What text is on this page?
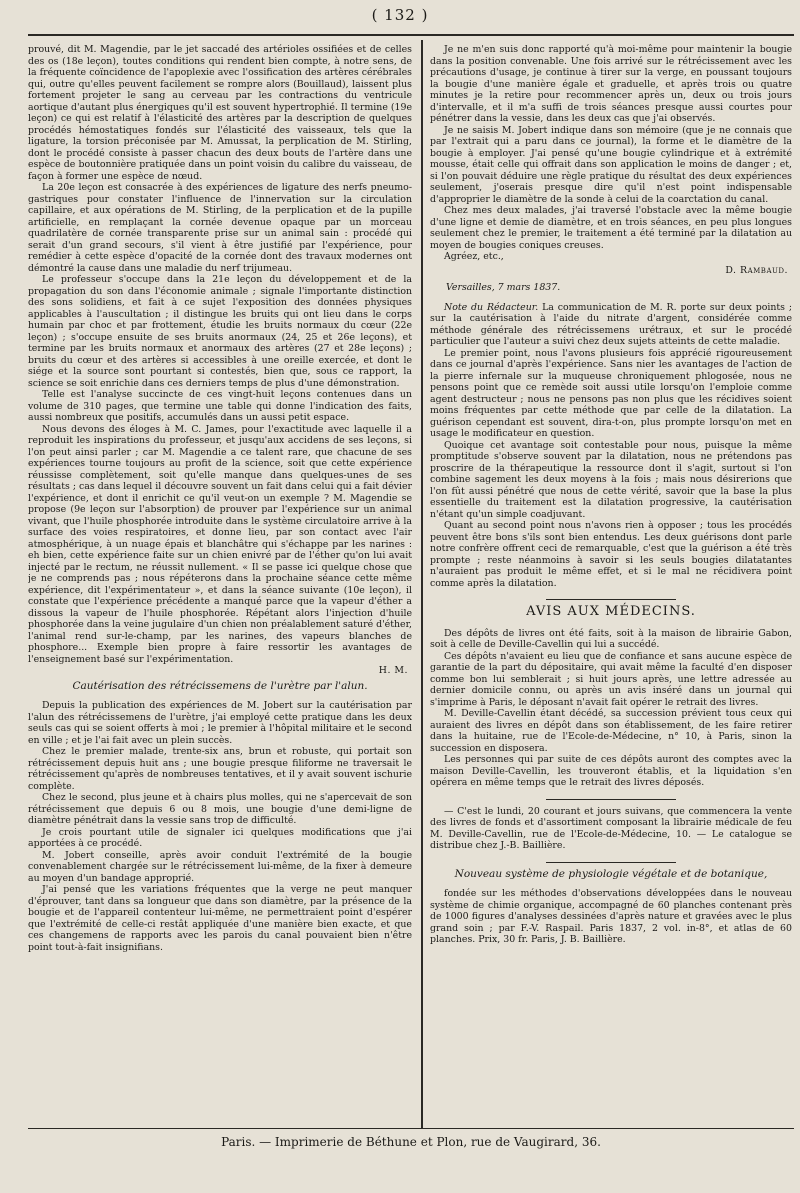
( 132 )

prouvé, dit M. Magendie, par le jet saccadé des artérioles ossifiées et de celles des os (18e leçon), toutes conditions qui rendent bien compte, à notre sens, de la fréquente coïncidence de l'apoplexie avec l'ossification des artères cérébrales qui, outre qu'elles peuvent facilement se rompre alors (Bouillaud), laissent plus fortement projeter le sang au cerveau par les contractions du ventricule aortique d'autant plus énergiques qu'il est souvent hypertrophié. Il termine (19e leçon) ce qui est relatif à l'élasticité des artères par la description de quelques procédés hémostatiques fondés sur l'élasticité des vaisseaux, tels que la ligature, la torsion préconisée par M. Amussat, la perplication de M. Stirling, dont le procédé consiste à passer chacun des deux bouts de l'artère dans une espèce de boutonnière pratiquée dans un point voisin du calibre du vaisseau, de façon à former une espèce de nœud.

La 20e leçon est consacrée à des expériences de ligature des nerfs pneumo-gastriques pour constater l'influence de l'innervation sur la circulation capillaire, et aux opérations de M. Stirling, de la perplication et de la pupille artificielle, en remplaçant la cornée devenue opaque par un morceau quadrilatère de cornée transparente prise sur un animal sain : procédé qui serait d'un grand secours, s'il vient à être justifié par l'expérience, pour remédier à cette espèce d'opacité de la cornée dont des travaux modernes ont démontré la cause dans une maladie du nerf trijumeau.

Le professeur s'occupe dans la 21e leçon du développement et de la propagation du son dans l'économie animale ; signale l'importante distinction des sons solidiens, et fait à ce sujet l'exposition des données physiques applicables à l'auscultation ; il distingue les bruits qui ont lieu dans le corps humain par choc et par frottement, étudie les bruits normaux du cœur (22e leçon) ; s'occupe ensuite de ses bruits anormaux (24, 25 et 26e leçons), et termine par les bruits normaux et anormaux des artères (27 et 28e leçons) ; bruits du cœur et des artères si accessibles à une oreille exercée, et dont le siége et la source sont pourtant si contestés, bien que, sous ce rapport, la science se soit enrichie dans ces derniers temps de plus d'une démonstration.

Telle est l'analyse succincte de ces vingt-huit leçons contenues dans un volume de 310 pages, que termine une table qui donne l'indication des faits, aussi nombreux que positifs, accumulés dans un aussi petit espace.

Nous devons des éloges à M. C. James, pour l'exactitude avec laquelle il a reproduit les inspirations du professeur, et jusqu'aux accidens de ses leçons, si l'on peut ainsi parler ; car M. Magendie a ce talent rare, que chacune de ses expériences tourne toujours au profit de la science, soit que cette expérience réussisse complètement, soit qu'elle manque dans quelques-unes de ses résultats ; cas dans lequel il découvre souvent un fait dans celui qui a fait dévier l'expérience, et dont il enrichit ce qu'il veut-on un exemple ? M. Magendie se propose (9e leçon sur l'absorption) de prouver par l'expérience sur un animal vivant, que l'huile phosphorée introduite dans le système circulatoire arrive à la surface des voies respiratoires, et donne lieu, par son contact avec l'air atmosphérique, à un nuage épais et blanchâtre qui s'échappe par les narines : eh bien, cette expérience faite sur un chien enivré par de l'éther qu'on lui avait injecté par le rectum, ne réussit nullement. « Il se passe ici quelque chose que je ne comprends pas ; nous répéterons dans la prochaine séance cette même expérience, dit l'expérimentateur », et dans la séance suivante (10e leçon), il constate que l'expérience précédente a manqué parce que la vapeur d'éther a dissous la vapeur de l'huile phosphorée. Répétant alors l'injection d'huile phosphorée dans la veine jugulaire d'un chien non préalablement saturé d'éther, l'animal rend sur-le-champ, par les narines, des vapeurs blanches de phosphore... Exemple bien propre à faire ressortir les avantages de l'enseignement basé sur l'expérimentation.

H. M.
Cautérisation des rétrécissemens de l'urètre par l'alun.

Depuis la publication des expériences de M. Jobert sur la cautérisation par l'alun des rétrécissemens de l'urètre, j'ai employé cette pratique dans les deux seuls cas qui se soient offerts à moi ; le premier à l'hôpital militaire et le second en ville ; et je l'ai fait avec un plein succès.

Chez le premier malade, trente-six ans, brun et robuste, qui portait son rétrécissement depuis huit ans ; une bougie presque filiforme ne traversait le rétrécissement qu'après de nombreuses tentatives, et il y avait souvent ischurie complète.

Chez le second, plus jeune et à chairs plus molles, qui ne s'apercevait de son rétrécissement que depuis 6 ou 8 mois, une bougie d'une demi-ligne de diamètre pénétrait dans la vessie sans trop de difficulté.

Je crois pourtant utile de signaler ici quelques modifications que j'ai apportées à ce procédé.

M. Jobert conseille, après avoir conduit l'extrémité de la bougie convenablement chargée sur le rétrécissement lui-même, de la fixer à demeure au moyen d'un bandage approprié.

J'ai pensé que les variations fréquentes que la verge ne peut manquer d'éprouver, tant dans sa longueur que dans son diamètre, par la présence de la bougie et de l'appareil contenteur lui-même, ne permettraient point d'espérer que l'extrémité de celle-ci restât appliquée d'une manière bien exacte, et que ces changemens de rapports avec les parois du canal pouvaient bien n'être point tout-à-fait insignifians.

Je ne m'en suis donc rapporté qu'à moi-même pour maintenir la bougie dans la position convenable. Une fois arrivé sur le rétrécissement avec les précautions d'usage, je continue à tirer sur la verge, en poussant toujours la bougie d'une manière égale et graduelle, et après trois ou quatre minutes je la retire pour recommencer après un, deux ou trois jours d'intervalle, et il m'a suffi de trois séances presque aussi courtes pour pénétrer dans la vessie, dans les deux cas que j'ai observés.

Je ne saisis M. Jobert indique dans son mémoire (que je ne connais que par l'extrait qui a paru dans ce journal), la forme et le diamètre de la bougie à employer. J'ai pensé qu'une bougie cylindrique et à extrémité mousse, était celle qui offrait dans son application le moins de danger ; et, si l'on pouvait déduire une règle pratique du résultat des deux expériences seulement, j'oserais presque dire qu'il n'est point indispensable d'approprier le diamètre de la sonde à celui de la coarctation du canal.

Chez mes deux malades, j'ai traversé l'obstacle avec la même bougie d'une ligne et demie de diamètre, et en trois séances, en peu plus longues seulement chez le premier, le traitement a été terminé par la dilatation au moyen de bougies coniques creuses.

Agréez, etc.,

D. Rambaud.
Versailles, 7 mars 1837.

Note du Rédacteur. La communication de M. R. porte sur deux points ; sur la cautérisation à l'aide du nitrate d'argent, considérée comme méthode générale des rétrécissemens urétraux, et sur le procédé particulier que l'auteur a suivi chez deux sujets atteints de cette maladie.

Le premier point, nous l'avons plusieurs fois apprécié rigoureusement dans ce journal d'après l'expérience. Sans nier les avantages de l'action de la pierre infernale sur la muqueuse chroniquement phlogosée, nous ne pensons point que ce remède soit aussi utile lorsqu'on l'emploie comme agent destructeur ; nous ne pensons pas non plus que les récidives soient moins fréquentes par cette méthode que par celle de la dilatation. La guérison cependant est souvent, dira-t-on, plus prompte lorsqu'on met en usage le modificateur en question.

Quoique cet avantage soit contestable pour nous, puisque la même promptitude s'observe souvent par la dilatation, nous ne prétendons pas proscrire de la thérapeutique la ressource dont il s'agit, surtout si l'on combine sagement les deux moyens à la fois ; mais nous désirerions que l'on fût aussi pénétré que nous de cette vérité, savoir que la base la plus essentielle du traitement est la dilatation progressive, la cautérisation n'étant qu'un simple coadjuvant.

Quant au second point nous n'avons rien à opposer ; tous les procédés peuvent être bons s'ils sont bien entendus. Les deux guérisons dont parle notre confrère offrent ceci de remarquable, c'est que la guérison a été très prompte ; reste néanmoins à savoir si les seuls bougies dilatatantes n'auraient pas produit le même effet, et si le mal ne récidivera point comme après la dilatation.

AVIS AUX MÉDECINS.

Des dépôts de livres ont été faits, soit à la maison de librairie Gabon, soit à celle de Deville-Cavellin qui lui a succédé.

Ces dépôts n'avaient eu lieu que de confiance et sans aucune espèce de garantie de la part du dépositaire, qui avait même la faculté d'en disposer comme bon lui semblerait ; si huit jours après, une lettre adressée au dernier domicile connu, ou après un avis inséré dans un journal qui s'imprime à Paris, le déposant n'avait fait opérer le retrait des livres.

M. Deville-Cavellin étant décédé, sa succession prévient tous ceux qui auraient des livres en dépôt dans son établissement, de les faire retirer dans la huitaine, rue de l'Ecole-de-Médecine, n° 10, à Paris, sinon la succession en disposera.

Les personnes qui par suite de ces dépôts auront des comptes avec la maison Deville-Cavellin, les trouveront établis, et la liquidation s'en opérera en même temps que le retrait des livres déposés.

— C'est le lundi, 20 courant et jours suivans, que commencera la vente des livres de fonds et d'assortiment composant la librairie médicale de feu M. Deville-Cavellin, rue de l'Ecole-de-Médecine, 10. — Le catalogue se distribue chez J.-B. Baillière.

Nouveau système de physiologie végétale et de botanique,

fondée sur les méthodes d'observations développées dans le nouveau système de chimie organique, accompagné de 60 planches contenant près de 1000 figures d'analyses dessinées d'après nature et gravées avec le plus grand soin ; par F.-V. Raspail. Paris 1837, 2 vol. in-8°, et atlas de 60 planches. Prix, 30 fr. Paris, J. B. Baillière.

Paris. — Imprimerie de Béthune et Plon, rue de Vaugirard, 36.
